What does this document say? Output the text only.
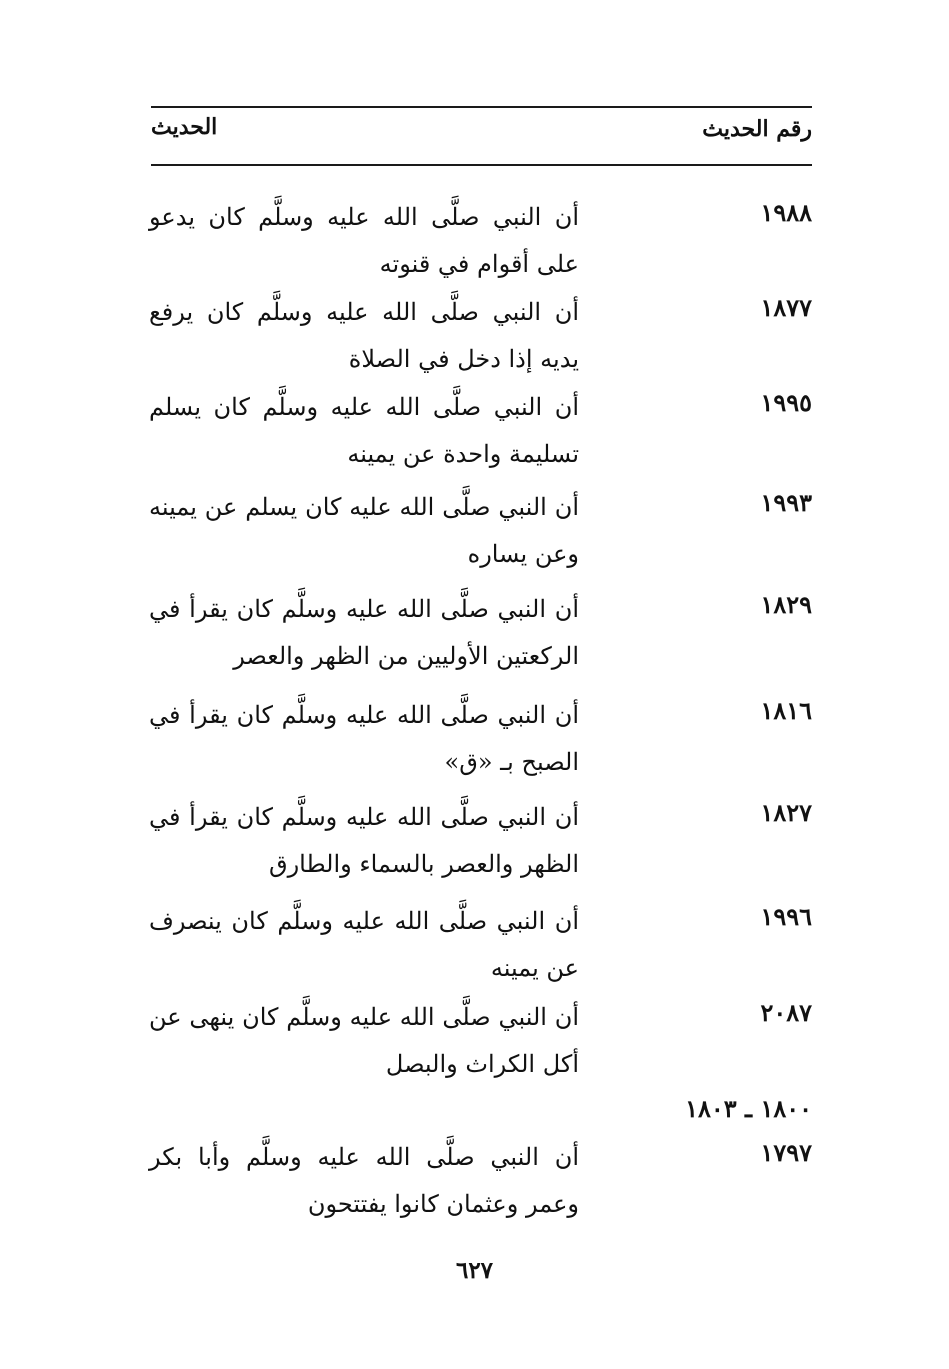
رقم الحديث
الحديث
١٩٨٨
أن النبي صلَّى الله عليه وسلَّم كان يدعو على أقوام في قنوته
١٨٧٧
أن النبي صلَّى الله عليه وسلَّم كان يرفع يديه إذا دخل في الصلاة
١٩٩٥
أن النبي صلَّى الله عليه وسلَّم كان يسلم تسليمة واحدة عن يمينه
١٩٩٣
أن النبي صلَّى الله عليه كان يسلم عن يمينه وعن يساره
١٨٢٩
أن النبي صلَّى الله عليه وسلَّم كان يقرأ في الركعتين الأوليين من الظهر والعصر
١٨١٦
أن النبي صلَّى الله عليه وسلَّم كان يقرأ في الصبح بـ «ق»
١٨٢٧
أن النبي صلَّى الله عليه وسلَّم كان يقرأ في الظهر والعصر بالسماء والطارق
١٩٩٦
أن النبي صلَّى الله عليه وسلَّم كان ينصرف عن يمينه
٢٠٨٧
أن النبي صلَّى الله عليه وسلَّم كان ينهى عن أكل الكراث والبصل
١٨٠٠ ـ ١٨٠٣
١٧٩٧
أن النبي صلَّى الله عليه وسلَّم وأبا بكر وعمر وعثمان كانوا يفتتحون
٦٢٧
